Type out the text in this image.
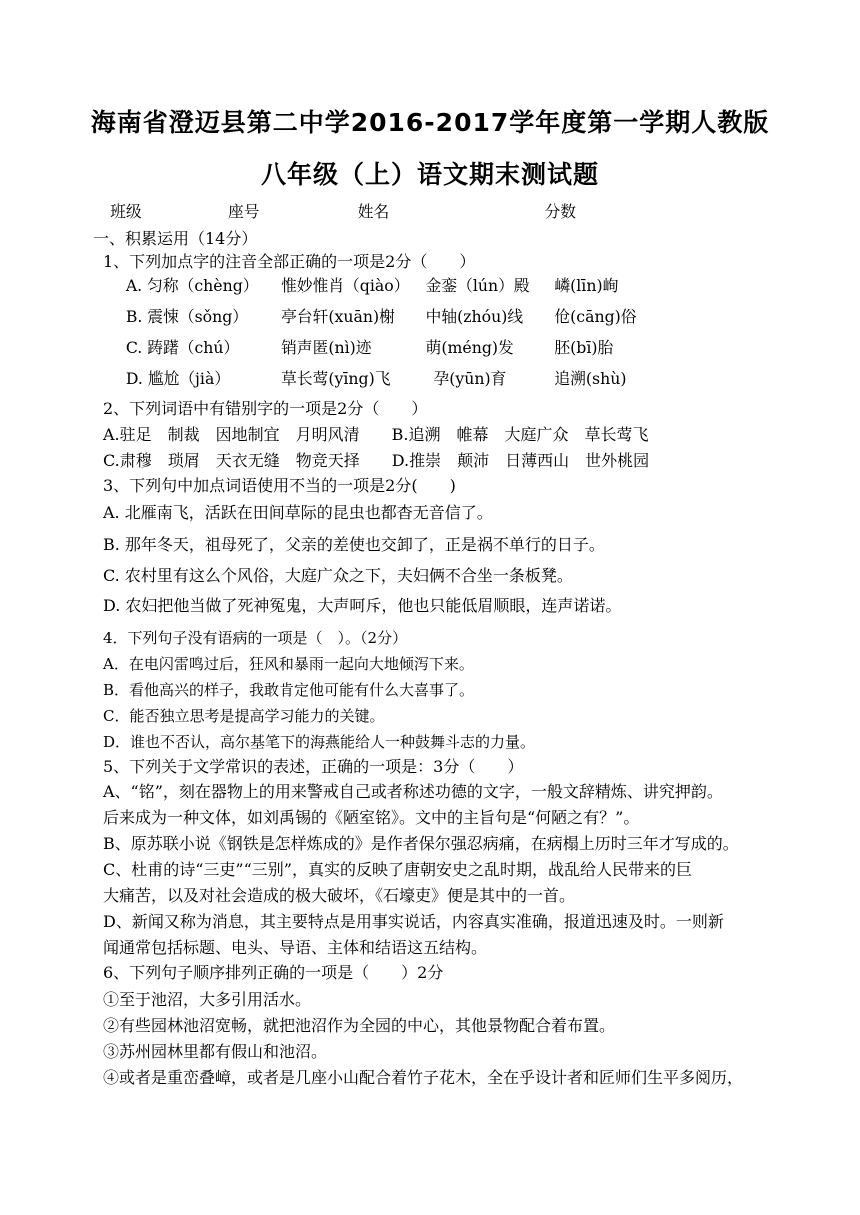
海南省澄迈县第二中学2016-2017学年度第一学期人教版
八年级（上）语文期末测试题
班级	座号	姓名	分数
一、积累运用（14分）
1、下列加点字的注音全部正确的一项是2分（　　）
A. 匀称（chèng） 惟妙惟肖（qiào） 金銮（lún）殿 嶙(līn)峋
B. 震悚（sǒng） 亭台轩(xuān)榭 中轴(zhóu)线 伧(cāng)俗
C. 踌躇（chú）	销声匿(nì)迹	萌(méng)发	胚(bī)胎
D. 尴尬（jià）	草长莺(yīng)飞	孕(yūn)育	追溯(shù)
2、下列词语中有错别字的一项是2分（　　）
A.驻足　制裁　因地制宜　月明风清　　B.追溯　帷幕　大庭广众　草长莺飞
C.肃穆　琐屑　天衣无缝　物竞天择　　D.推崇　颠沛　日薄西山　世外桃园
3、下列句中加点词语使用不当的一项是2分(　　)
A. 北雁南飞，活跃在田间草际的昆虫也都杳无音信了。
B. 那年冬天，祖母死了，父亲的差使也交卸了，正是祸不单行的日子。
C. 农村里有这么个风俗，大庭广众之下，夫妇俩不合坐一条板凳。
D. 农妇把他当做了死神冤鬼，大声呵斥，他也只能低眉顺眼，连声诺诺。
4．下列句子没有语病的一项是（　）。（2分）
A．在电闪雷鸣过后，狂风和暴雨一起向大地倾泻下来。
B．看他高兴的样子，我敢肯定他可能有什么大喜事了。
C．能否独立思考是提高学习能力的关键。
D．谁也不否认，高尔基笔下的海燕能给人一种鼓舞斗志的力量。
5、下列关于文学常识的表述，正确的一项是：3分（　　）
A、“铭”，刻在器物上的用来警戒自己或者称述功德的文字，一般文辞精炼、讲究押韵。
后来成为一种文体，如刘禹锡的《陋室铭》。文中的主旨句是“何陋之有？”。
B、原苏联小说《钢铁是怎样炼成的》是作者保尔强忍病痛，在病榻上历时三年才写成的。
C、杜甫的诗“三吏”“三别”，真实的反映了唐朝安史之乱时期，战乱给人民带来的巨
大痛苦，以及对社会造成的极大破坏，《石壕吏》便是其中的一首。
D、新闻又称为消息，其主要特点是用事实说话，内容真实准确，报道迅速及时。一则新
闻通常包括标题、电头、导语、主体和结语这五结构。
6、下列句子顺序排列正确的一项是（　　）2分
①至于池沼，大多引用活水。
②有些园林池沼宽畅，就把池沼作为全园的中心，其他景物配合着布置。
③苏州园林里都有假山和池沼。
④或者是重峦叠嶂，或者是几座小山配合着竹子花木，全在乎设计者和匠师们生平多阅历，
